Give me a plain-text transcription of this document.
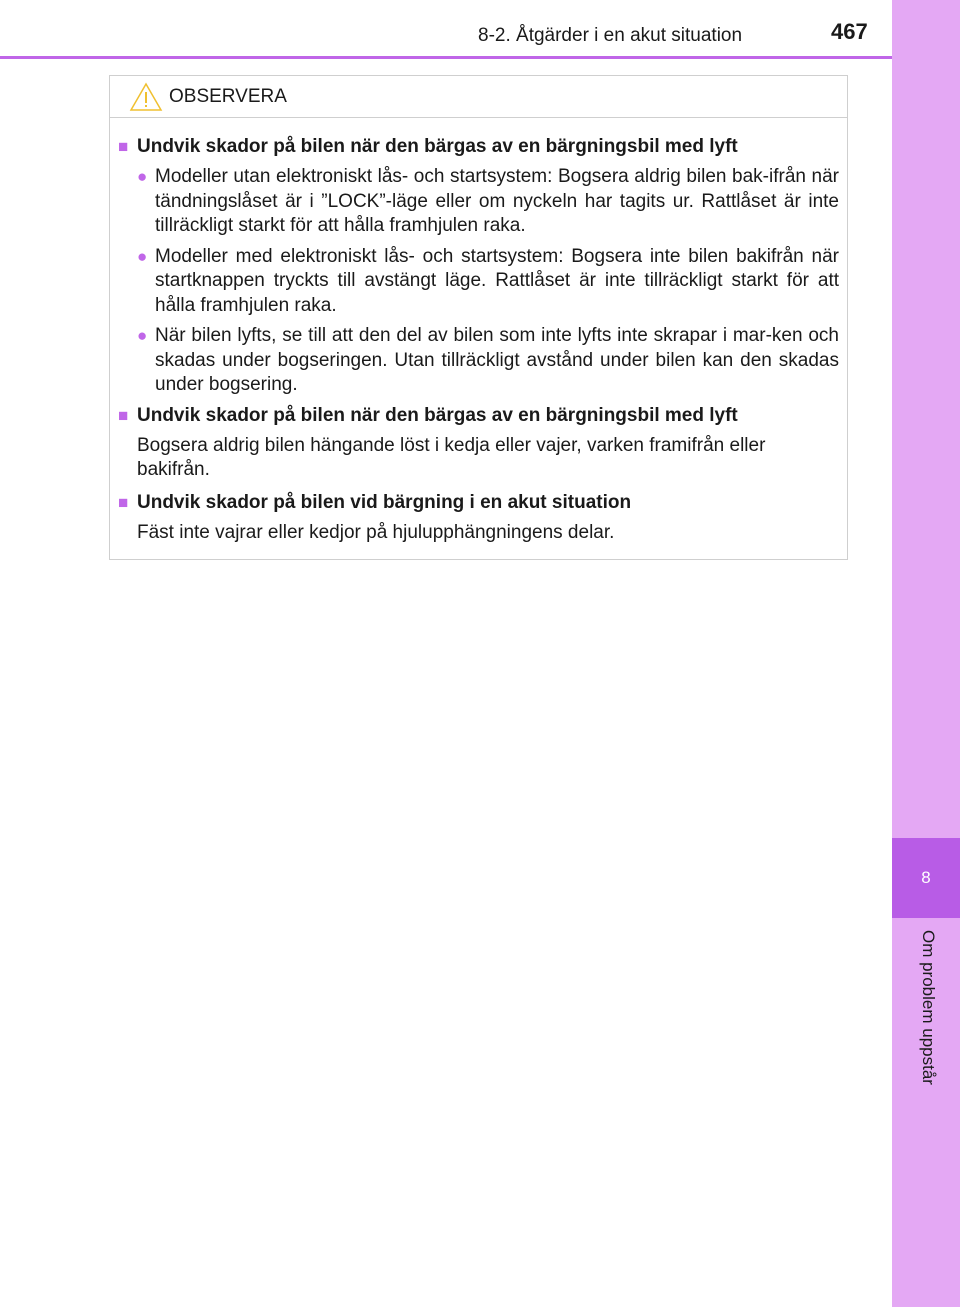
8
Om problem uppstår
8-2. Åtgärder i en akut situation	467
OBSERVERA
■ Undvik skador på bilen när den bärgas av en bärgningsbil med lyft
● Modeller utan elektroniskt lås- och startsystem: Bogsera aldrig bilen bak-ifrån när tändningslåset är i ”LOCK”-läge eller om nyckeln har tagits ur. Rattlåset är inte tillräckligt starkt för att hålla framhjulen raka.
● Modeller med elektroniskt lås- och startsystem: Bogsera inte bilen bakifrån när startknappen tryckts till avstängt läge. Rattlåset är inte tillräckligt starkt för att hålla framhjulen raka.
● När bilen lyfts, se till att den del av bilen som inte lyfts inte skrapar i mar-ken och skadas under bogseringen. Utan tillräckligt avstånd under bilen kan den skadas under bogsering.
■ Undvik skador på bilen när den bärgas av en bärgningsbil med lyft
Bogsera aldrig bilen hängande löst i kedja eller vajer, varken framifrån eller bakifrån.
■ Undvik skador på bilen vid bärgning i en akut situation
Fäst inte vajrar eller kedjor på hjulupphängningens delar.
